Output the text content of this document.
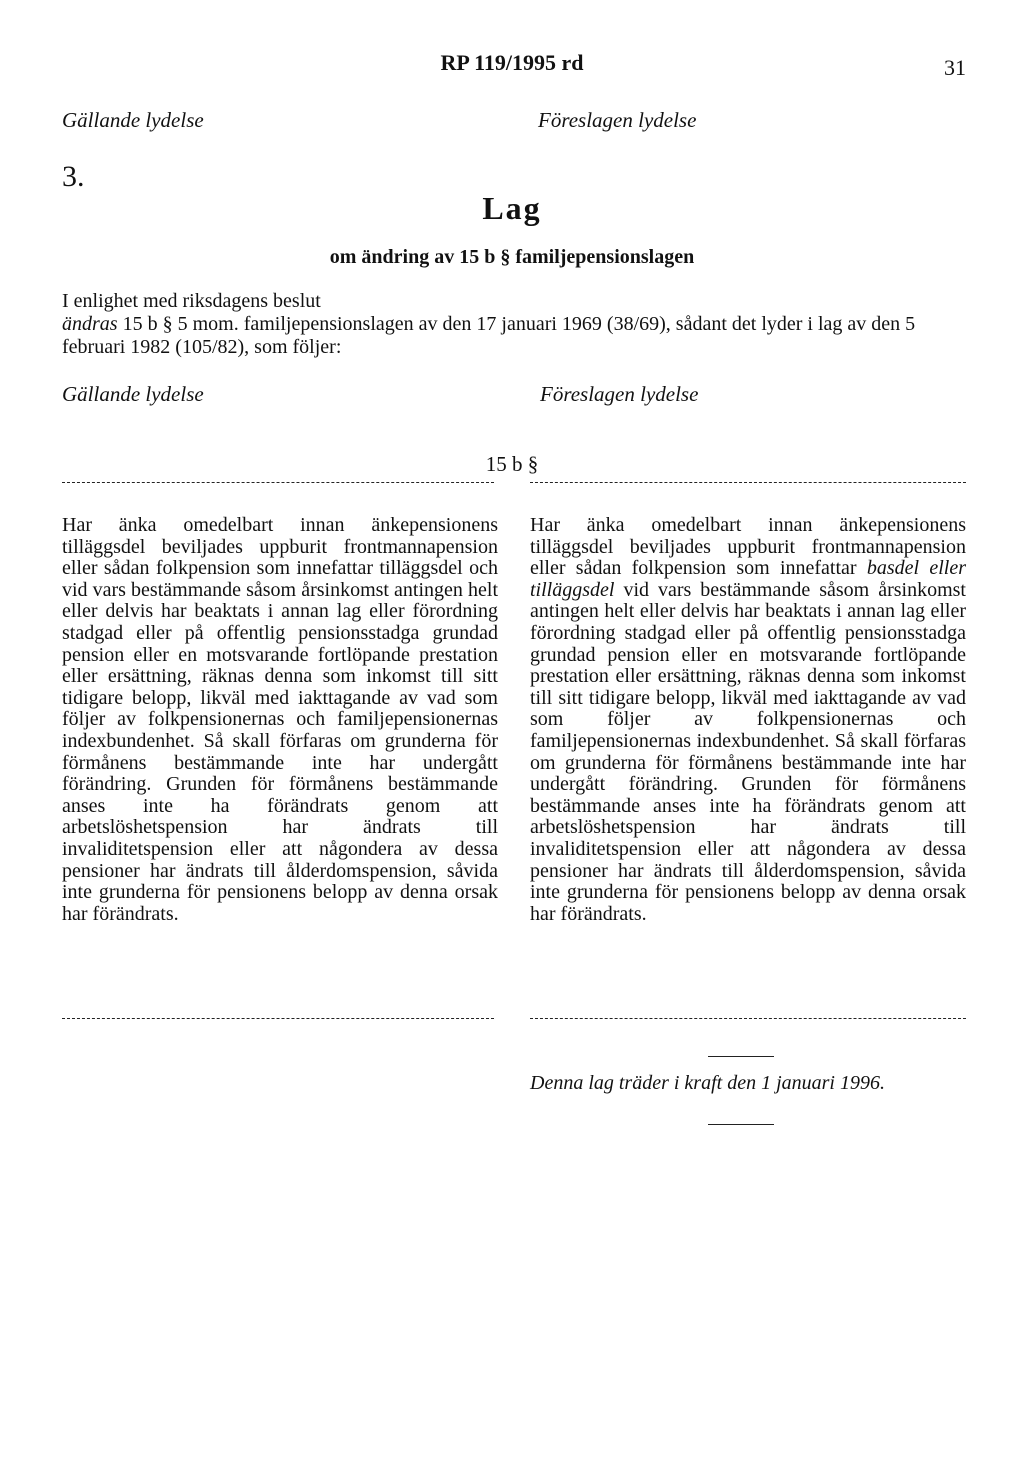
RP 119/1995 rd	31
Gällande lydelse	Föreslagen lydelse
3.
Lag
om ändring av 15 b § familjepensionslagen

I enlighet med riksdagens beslut

ändras 15 b § 5 mom. familjepensionslagen av den 17 januari 1969 (38/69), sådant det lyder i lag av den 5 februari 1982 (105/82), som följer:

Gällande lydelse	Föreslagen lydelse
15 b §
Har änka omedelbart innan änkepensionens tilläggsdel beviljades uppburit frontmannapension eller sådan folkpension som innefattar tilläggsdel och vid vars bestämmande såsom årsinkomst antingen helt eller delvis har beaktats i annan lag eller förordning stadgad eller på offentlig pensionsstadga grundad pension eller en motsvarande fortlöpande prestation eller ersättning, räknas denna som inkomst till sitt tidigare belopp, likväl med iakttagande av vad som följer av folkpensionernas och familjepensionernas indexbundenhet. Så skall förfaras om grunderna för förmånens bestämmande inte har undergått förändring. Grunden för förmånens bestämmande anses inte ha förändrats genom att arbetslöshetspension har ändrats till invaliditetspension eller att någondera av dessa pensioner har ändrats till ålderdomspension, såvida inte grunderna för pensionens belopp av denna orsak har förändrats.
Har änka omedelbart innan änkepensionens tilläggsdel beviljades uppburit frontmannapension eller sådan folkpension som innefattar basdel eller tilläggsdel vid vars bestämmande såsom årsinkomst antingen helt eller delvis har beaktats i annan lag eller förordning stadgad eller på offentlig pensionsstadga grundad pension eller en motsvarande fortlöpande prestation eller ersättning, räknas denna som inkomst till sitt tidigare belopp, likväl med iakttagande av vad som följer av folkpensionernas och familjepensionernas indexbundenhet. Så skall förfaras om grunderna för förmånens bestämmande inte har undergått förändring. Grunden för förmånens bestämmande anses inte ha förändrats genom att arbetslöshetspension har ändrats till invaliditetspension eller att någondera av dessa pensioner har ändrats till ålderdomspension, såvida inte grunderna för pensionens belopp av denna orsak har förändrats.
Denna lag träder i kraft den 1 januari 1996.
